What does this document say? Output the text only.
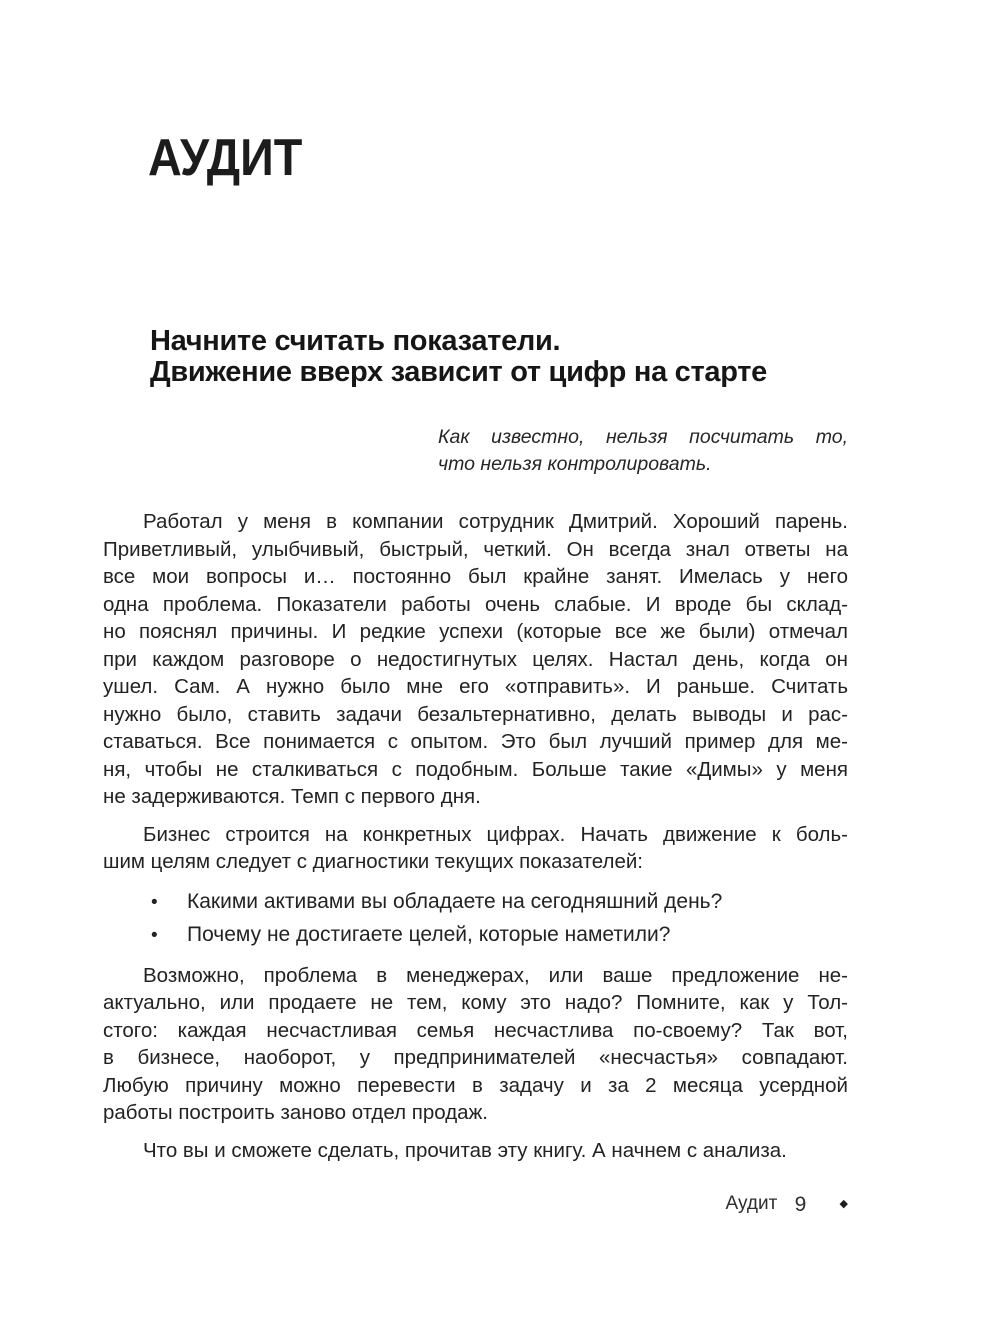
АУДИТ
Начните считать показатели.
Движение вверх зависит от цифр на старте
Как известно, нельзя посчитать то,
что нельзя контролировать.
Работал у меня в компании сотрудник Дмитрий. Хороший парень.
Приветливый, улыбчивый, быстрый, четкий. Он всегда знал ответы на
все мои вопросы и… постоянно был крайне занят. Имелась у него
одна проблема. Показатели работы очень слабые. И вроде бы склад-
но пояснял причины. И редкие успехи (которые все же были) отмечал
при каждом разговоре о недостигнутых целях. Настал день, когда он
ушел. Сам. А нужно было мне его «отправить». И раньше. Считать
нужно было, ставить задачи безальтернативно, делать выводы и рас-
ставаться. Все понимается с опытом. Это был лучший пример для ме-
ня, чтобы не сталкиваться с подобным. Больше такие «Димы» у меня
не задерживаются. Темп с первого дня.
Бизнес строится на конкретных цифрах. Начать движение к боль-
шим целям следует с диагностики текущих показателей:
•	Какими активами вы обладаете на сегодняшний день?
•	Почему не достигаете целей, которые наметили?
Возможно, проблема в менеджерах, или ваше предложение не-
актуально, или продаете не тем, кому это надо? Помните, как у Тол-
стого: каждая несчастливая семья несчастлива по-своему? Так вот,
в бизнесе, наоборот, у предпринимателей «несчастья» совпадают.
Любую причину можно перевести в задачу и за 2 месяца усердной
работы построить заново отдел продаж.
Что вы и сможете сделать, прочитав эту книгу. А начнем с анализа.
Аудит 9	◆
